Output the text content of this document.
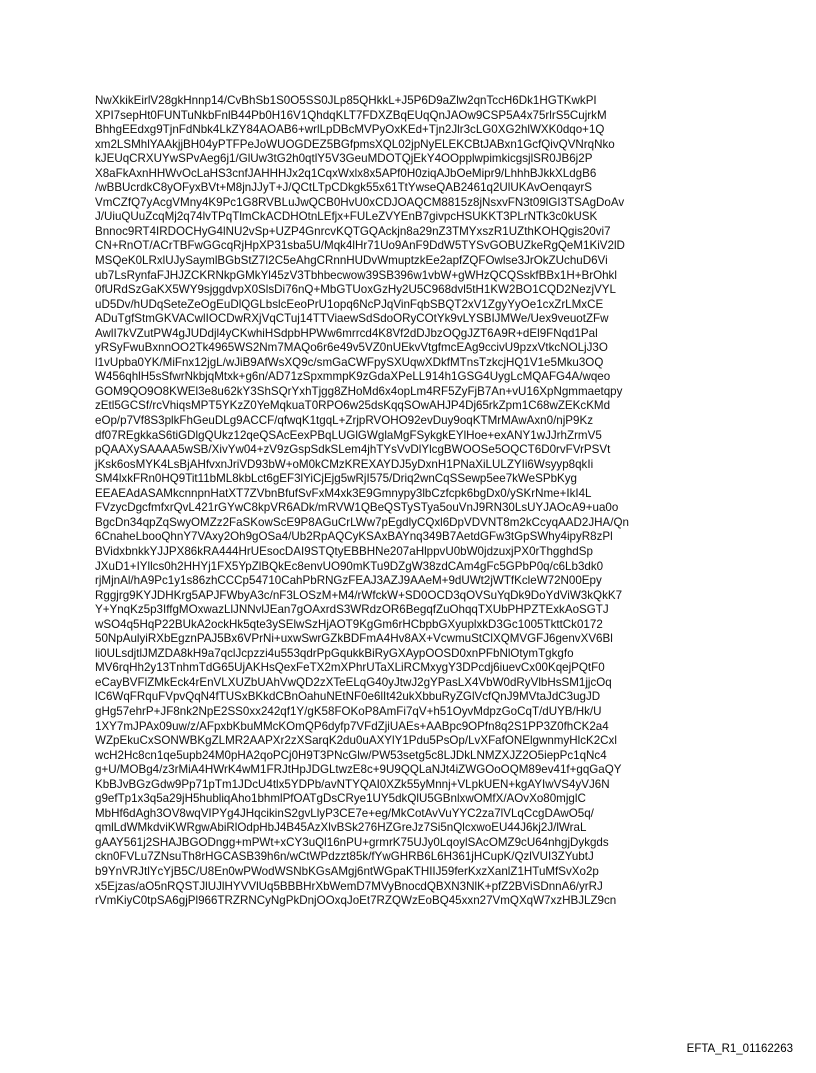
NwXkikEirlV28gkHnnp14/CvBhSb1S0O5SS0JLp85QHkkL+J5P6D9aZlw2qnTccH6Dk1HGTKwkPI
XPI7sepHt0FUNTuNkbFnlB44Pb0H16V1QhdqKLT7FDXZBqEUqQnJAOw9CSP5A4x75rlrS5CujrkM
BhhgEEdxg9TjnFdNbk4LkZY84AOAB6+wrlLpDBcMVPyOxKEd+Tjn2Jlr3cLG0XG2hlWXK0dqo+1Q
xm2LSMhlYAAkjjBH04yPTFPeJoWUOGDEZ5BGfpmsXQL02jpNyELEKCBtJABxn1GcfQivQVNrqNko
kJEUqCRXUYwSPvAeg6j1/GlUw3tG2h0qtlY5V3GeuMDOTQjEkY4OOpplwpimkicgsjlSR0JB6j2P
X8aFkAxnHHWvOcLaHS3cnfJAHHHJx2q1CqxWxlx8x5APf0H0ziqAJbOeMipr9/LhhhBJkkXLdgB6
/wBBUcrdkC8yOFyxBVt+M8jnJJyT+J/QCtLTpCDkgk55x61TtYwseQAB2461q2UlUKAvOenqayrS
VmCZfQ7yAcgVMny4K9Pc1G8RVBLuJwQCB0HvU0xCDJOAQCM8815z8jNsxvFN3t09lGI3TSAgDoAv
J/UiuQUuZcqMj2q74lvTPqTlmCkACDHOtnLEfjx+FULeZVYEnB7givpcHSUKKT3PLrNTk3c0kUSK
Bnnoc9RT4IRDOCHyG4lNU2vSp+UZP4GnrcvKQTGQAckjn8a29nZ3TMYxszR1UZthKOHQgis20vi7
CN+RnOT/ACrTBFwGGcqRjHpXP31sba5U/Mqk4lHr71Uo9AnF9DdW5TYSvGOBUZkeRgQeM1KiV2lD
MSQeK0LRxlUJySaymlBGbStZ7I2C5eAhgCRnnHUDvWmuptzkEe2apfZQFOwlse3JrOkZUchuD6Vi
ub7LsRynfaFJHJZCKRNkpGMkYl45zV3Tbhbecwow39SB396w1vbW+gWHzQCQSskfBBx1H+BrOhkl
0fURdSzGaKX5WY9sjggdvpX0SlsDi76nQ+MbGTUoxGzHy2U5C968dvl5tH1KW2BO1CQD2NezjVYL
uD5Dv/hUDqSeteZeOgEuDlQGLbslcEeoPrU1opq6NcPJqVinFqbSBQT2xV1ZgyYyOe1cxZrLMxCE
ADuTgfStmGKVACwlIOCDwRXjVqCTuj14TTViaewSdSdoORyCOtYk9vLYSBIJMWe/Uex9veuotZFw
AwlI7kVZutPW4gJUDdjl4yCKwhiHSdpbHPWw6mrrcd4K8Vf2dDJbzOQgJZT6A9R+dEl9FNqd1Pal
yRSyFwuBxnnOO2Tk4965WS2Nm7MAQo6r6e49v5VZ0nUEkvVtgfmcEAg9ccivU9pzxVtkcNOLjJ3O
l1vUpba0YK/MiFnx12jgL/wJiB9AfWsXQ9c/smGaCWFpySXUqwXDkfMTnsTzkcjHQ1V1e5Mku3OQ
W456qhlH5sSfwrNkbjqMtxk+g6n/AD71zSpxmmpK9zGdaXPeLL914h1GSG4UygLcMQAFG4A/wqeo
GOM9QO9O8KWEl3e8u62kY3ShSQrYxhTjgg8ZHoMd6x4opLm4RF5ZyFjB7An+vU16XpNgmmaetqpy
zEtl5GCSf/rcVhiqsMPT5YKzZ0YeMqkuaT0RPO6w25dsKqqSOwAHJP4Dj65rkZpm1C68wZEKcKMd
eOp/p7Vf8S3plkFhGeuDLg9ACCF/qfwqK1tgqL+ZrjpRVOHO92evDuy9oqKTMrMAwAxn0/njP9Kz
df07REgkkaS6tiGDlgQUkz12qeQSAcEexPBqLUGlGWglaMgFSykgkEYlHoe+exANY1wJJrhZrmV5
pQAAXySAAAA5wSB/XivYw04+zV9zGspSdkSLem4jhTYsVvDlYlcgBWOOSe5OQCT6D0rvFVrPSVt
jKsk6osMYK4LsBjAHfvxnJriVD93bW+oM0kCMzKREXAYDJ5yDxnH1PNaXiLULZYIi6Wsyyp8qkIi
SM4lxkFRn0HQ9Tit11bML8kbLct6gEF3lYiCjEjg5wRjI575/Driq2wnCqSSewp5ee7kWeSPbKyg
EEAEAdASAMkcnnpnHatXT7ZVbnBfufSvFxM4xk3E9Gmnypy3lbCzfcpk6bgDx0/ySKrNme+IkI4L
FVzycDgcfmfxrQvL421rGYwC8kpVR6ADk/mRVW1QBeQSTySTya5ouVnJ9RN30LsUYJAOcA9+ua0o
BgcDn34qpZqSwyOMZz2FaSKowScE9P8AGuCrLWw7pEgdlyCQxl6DpVDVNT8m2kCcyqAAD2JHA/Qn
6CnaheLbooQhnY7VAxy2Oh9gOSa4/Ub2RpAQCyKSAxBAYnq349B7AetdGFw3tGpSWhy4ipyR8zPl
BVidxbnkkYJJPX86kRA444HrUEsocDAI9STQtyEBBHNe207aHlppvU0bW0jdzuxjPX0rThgghdSp
JXuD1+IYllcs0h2HHYj1FX5YpZlBQkEc8envUO90mKTu9DZgW38zdCAm4gFc5GPbP0q/c6Lb3dk0
rjMjnAl/hA9Pc1y1s86zhCCCp54710CahPbRNGzFEAJ3AZJ9AAeM+9dUWt2jWTfKcleW72N00Epy
Rggjrg9KYJDHKrg5APJFWbyA3c/nF3LOSzM+M4/rWfckW+SD0OCD3qOVSuYqDk9DoYdViW3kQkK7
Y+YnqKz5p3IffgMOxwazLlJNNvlJEan7gOAxrdS3WRdzOR6BegqfZuOhqqTXUbPHPZTExkAoSGTJ
wSO4q5HqP22BUkA2ockHk5qte3ySElwSzHjAOT9KgGm6rHCbpbGXyuplxkD3Gc1005TkttCk0172
50NpAulyiRXbEgznPAJ5Bx6VPrNi+uxwSwrGZkBDFmA4Hv8AX+VcwmuStClXQMVGFJ6genvXV6Bl
li0ULsdjtlJMZDA8kH9a7qclJcpzzi4u553qdrPpGqukkBiRyGXAypOOSD0xnPFbNlOtymTgkgfo
MV6rqHh2y13TnhmTdG65UjAKHsQexFeTX2mXPhrUTaXLiRCMxygY3DPcdj6iuevCx00KqejPQtF0
eCayBVFlZMkEck4rEnVLXUZbUAhVwQD2zXTeELqG40yJtwJ2gYPasLX4VbW0dRyVlbHsSM1jjcOq
lC6WqFRquFVpvQqN4fTUSxBKkdCBnOahuNEtNF0e6lIt42ukXbbuRyZGlVcfQnJ9MVtaJdC3ugJD
gHg57ehrP+JF8nk2NpE2SS0xx242qf1Y/gK58FOKoP8AmFi7qV+h51OyvMdpzGoCqT/dUYB/Hk/U
1XY7mJPAx09uw/z/AFpxbKbuMMcKOmQP6dyfp7VFdZjiUAEs+AABpc9OPfn8q2S1PP3Z0fhCK2a4
WZpEkuCxSONWBKgZLMR2AAPXr2zXSarqK2du0uAXYlY1Pdu5PsOp/LvXFafONElgwnmyHlcK2Cxl
wcH2Hc8cn1qe5upb24M0pHA2qoPCj0H9T3PNcGlw/PW53setg5c8LJDkLNMZXJZ2O5iepPc1qNc4
g+U/MOBg4/z3rMiA4HWrK4wM1FRJtHpJDGLtwzE8c+9U9QQLaNJt4iZWGOoOQM89ev41f+gqGaQY
KbBJvBGzGdw9Pp71pTm1JDcU4tlx5YDPb/avNTYQAI0XZk55yMnnj+VLpkUEN+kgAYIwVS4yVJ6N
g9efTp1x3q5a29jH5hubliqAho1bhmlPfOATgDsCRye1UY5dkQlU5GBnlxwOMfX/AOvXo80mjglC
MbHf6dAgh3OV8wqVIPYg4JHqcikinS2gvLlyP3CE7e+eg/MkCotAvVuYYC2za7lVLqCcgDAwO5q/
qmlLdWMkdviKWRgwAbiRlOdpHbJ4B45AzXlvBSk276HZGreJz7Si5nQlcxwoEU44J6kj2J/lWraL
gAAY561j2SHAJBGODngg+mPWt+xCY3uQl16nPU+grmrK75UJy0LqoylSAcOMZ9cU64nhgjDykgds
ckn0FVLu7ZNsuTh8rHGCASB39h6n/wCtWPdzzt85k/fYwGHRB6L6H361jHCupK/QzlVUI3ZYubtJ
b9YnVRJtlYcYjB5C/U8En0wPWodWSNbKGsAMgj6ntWGpaKTHIIJ59ferKxzXanlZ1HTuMfSvXo2p
x5Ejzas/aO5nRQSTJlUJlHYVVlUq5BBBHrXbWemD7MVyBnocdQBXN3NlK+pfZ2BViSDnnA6/yrRJ
rVmKiyC0tpSA6gjPl966TRZRNCyNgPkDnjOOxqJoEt7RZQWzEoBQ45xxn27VmQXqW7xzHBJLZ9cn
EFTA_R1_01162263
